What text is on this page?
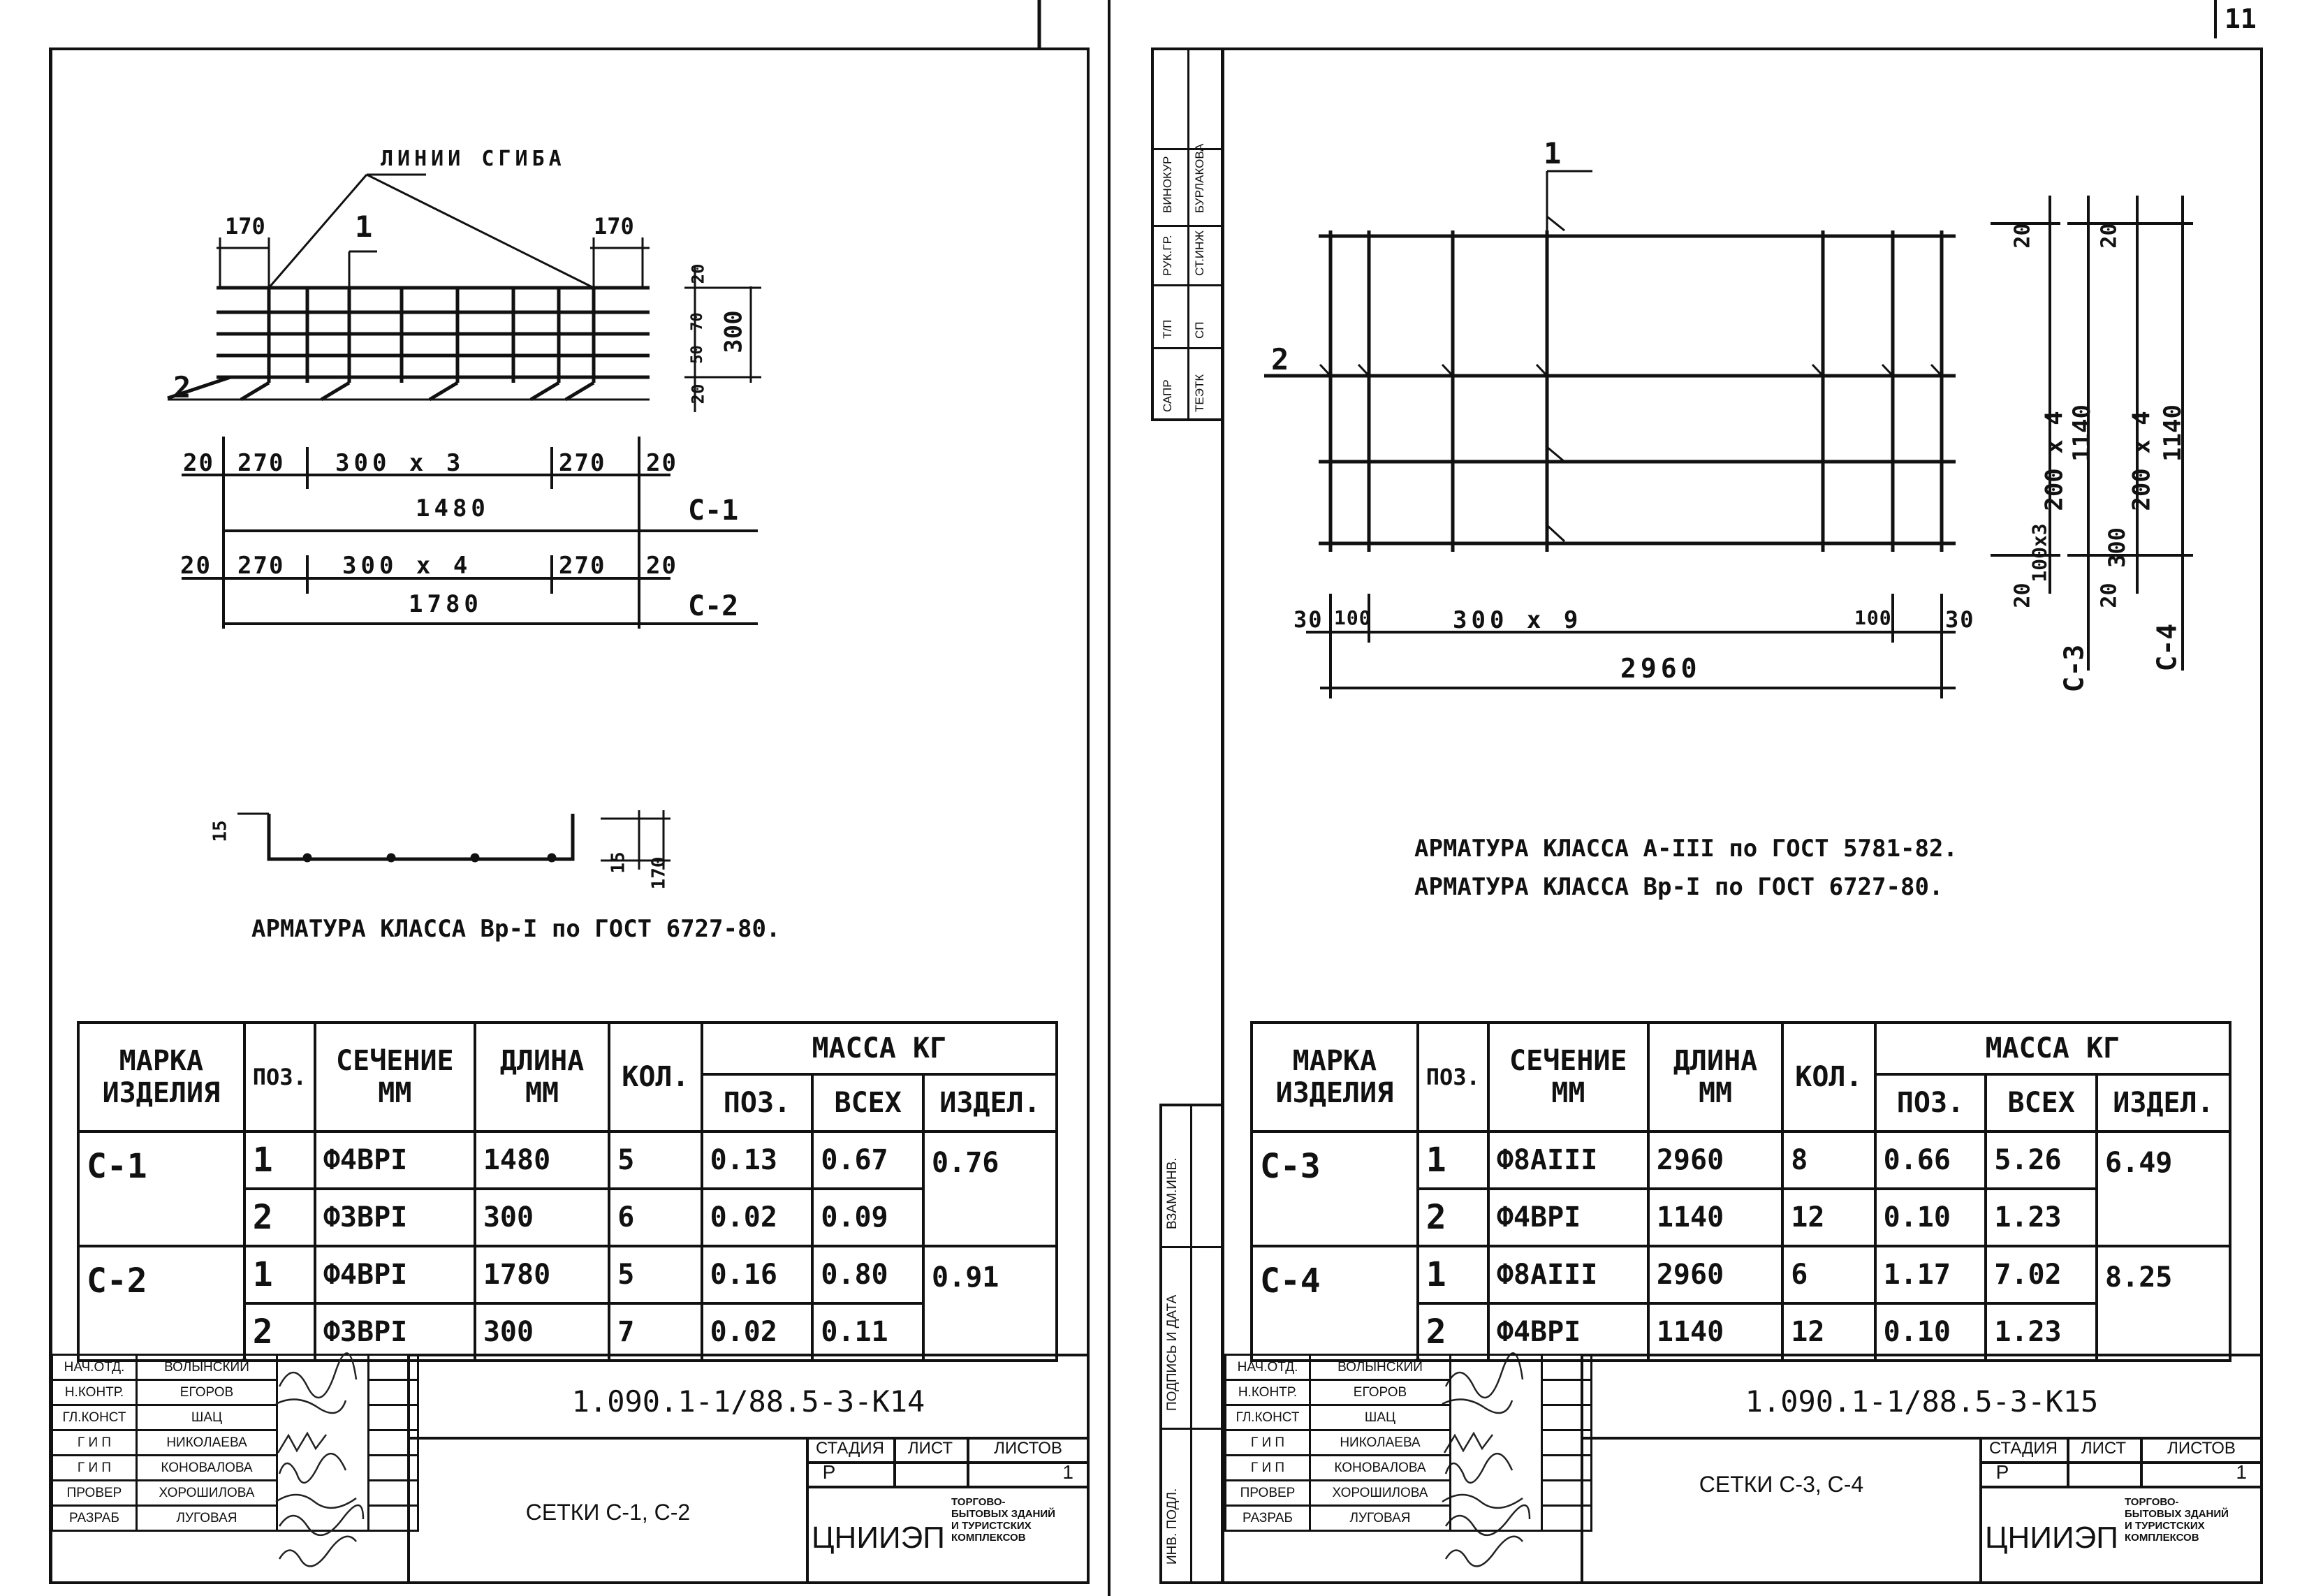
ЛИНИИ СГИБА
1
2
170	170
20
50
70
20
300
20 270 300 x 3	270 20
1480	С-1
20 270 300 x 4	270 20
1780	С-2
15
15 170
АРМАТУРА КЛАССА Вр-I по ГОСТ 6727-80.
МАРКА ИЗДЕЛИЯ	ПОЗ.	СЕЧЕНИЕ ММ	ДЛИНА ММ	КОЛ.	МАССА КГ		
					ПОЗ.	ВСЕХ	ИЗДЕЛ.
С-1	1	Ф4ВРI	1480	5	0.13	0.67	0.76
	2	Ф3ВРI	300	6	0.02	0.09	
С-2	1	Ф4ВРI	1780	5	0.16	0.80	0.91
	2	Ф3ВРI	300	7	0.02	0.11	
НАЧ.ОТД.	ВОЛЫНСКИЙ		
Н.КОНТР.	ЕГОРОВ		
ГЛ.КОНСТ	ШАЦ		
Г И П	НИКОЛАЕВА		
Г И П	КОНОВАЛОВА		
ПРОВЕР	ХОРОШИЛОВА		
РАЗРАБ	ЛУГОВАЯ		
1.090.1-1/88.5-3-К14
СЕТКИ С-1, С-2
СТАДИЯ	ЛИСТ	ЛИСТОВ
Р	1
ЦНИИЭП
ТОРГОВО-БЫТОВЫХ ЗДАНИЙ И ТУРИСТСКИХ КОМПЛЕКСОВ
11
САПР ТЕЭТК
Т/П СП
РУК.ГР. СТ.ИНЖ
ВИНОКУР БУРЛАКОВА
ВЗАМ.ИНВ.
ПОДПИСЬ И ДАТА
ИНВ. ПОДЛ.
1
2
30 100	300 x 9	100 30
2960
20
200 x 4 1140
100x3
20
С-3
20
200 x 4 1140
300
20
С-4
АРМАТУРА КЛАССА А-III по ГОСТ 5781-82.
АРМАТУРА КЛАССА Вр-I по ГОСТ 6727-80.
МАРКА ИЗДЕЛИЯ	ПОЗ.	СЕЧЕНИЕ ММ	ДЛИНА ММ	КОЛ.	МАССА КГ		
					ПОЗ.	ВСЕХ	ИЗДЕЛ.
С-3	1	Ф8АIII	2960	8	0.66	5.26	6.49
	2	Ф4ВРI	1140	12	0.10	1.23	
С-4	1	Ф8АIII	2960	6	1.17	7.02	8.25
	2	Ф4ВРI	1140	12	0.10	1.23	
НАЧ.ОТД.	ВОЛЫНСКИЙ		
Н.КОНТР.	ЕГОРОВ		
ГЛ.КОНСТ	ШАЦ		
Г И П	НИКОЛАЕВА		
Г И П	КОНОВАЛОВА		
ПРОВЕР	ХОРОШИЛОВА		
РАЗРАБ	ЛУГОВАЯ		
1.090.1-1/88.5-3-К15
СЕТКИ С-3, С-4
СТАДИЯ	ЛИСТ	ЛИСТОВ
Р	1
ЦНИИЭП
ТОРГОВО-БЫТОВЫХ ЗДАНИЙ И ТУРИСТСКИХ КОМПЛЕКСОВ
